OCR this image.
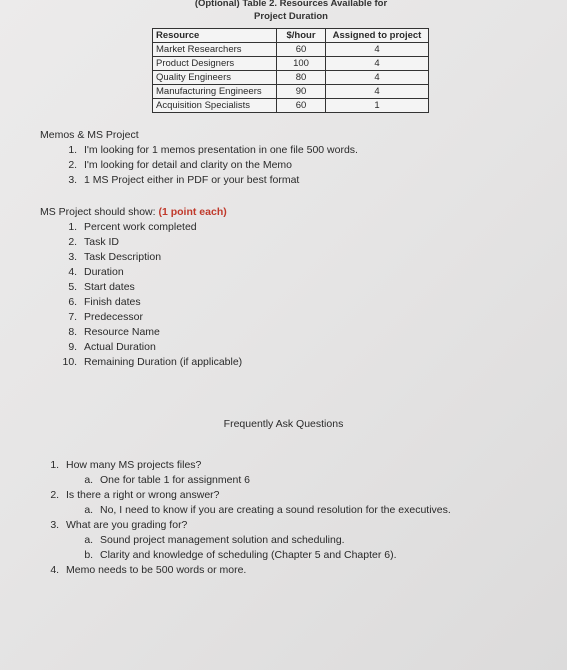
(Optional) Table 2. Resources Available for
Project Duration
Resource	$/hour	Assigned to project
Market Researchers	60	4
Product Designers	100	4
Quality Engineers	80	4
Manufacturing Engineers	90	4
Acquisition Specialists	60	1
Memos & MS Project
1. I'm looking for 1 memos presentation in one file 500 words.
2. I'm looking for detail and clarity on the Memo
3. 1 MS Project either in PDF or your best format
MS Project should show: (1 point each)
1. Percent work completed
2. Task ID
3. Task Description
4. Duration
5. Start dates
6. Finish dates
7. Predecessor
8. Resource Name
9. Actual Duration
10. Remaining Duration (if applicable)
Frequently Ask Questions
1. How many MS projects files?
a. One for table 1 for assignment 6
2. Is there a right or wrong answer?
a. No, I need to know if you are creating a sound resolution for the executives.
3. What are you grading for?
a. Sound project management solution and scheduling.
b. Clarity and knowledge of scheduling (Chapter 5 and Chapter 6).
4. Memo needs to be 500 words or more.
